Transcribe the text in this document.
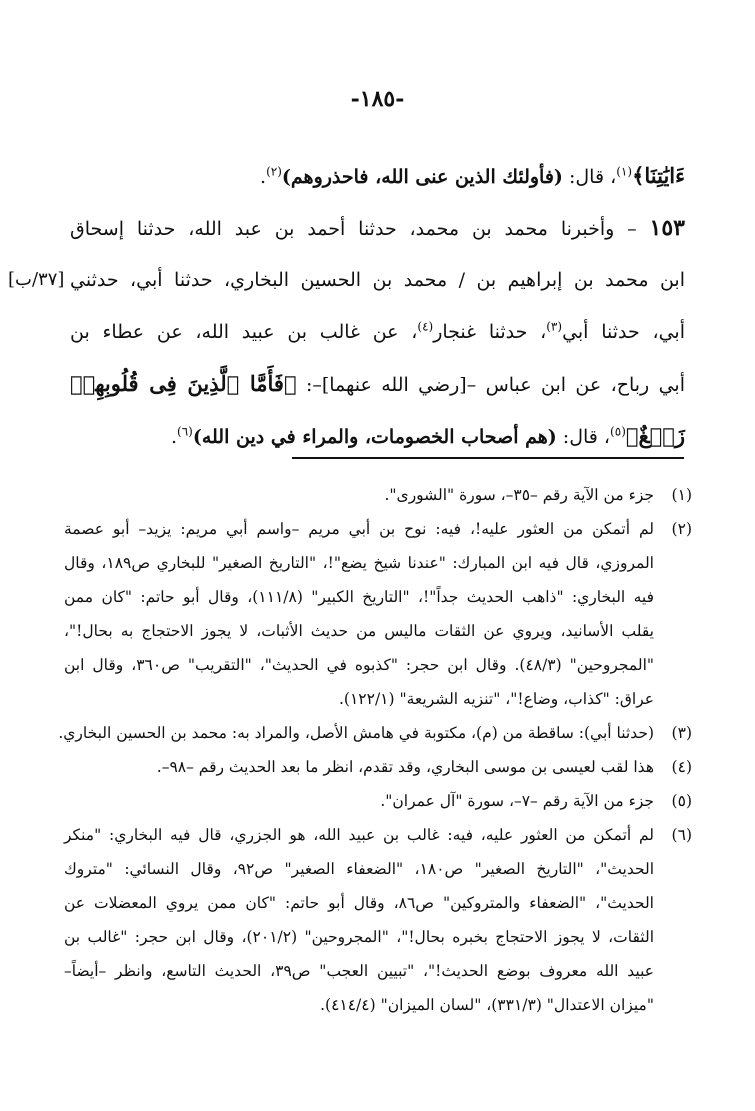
-١٨٥-
ءَايَٰتِنَا﴾$^{(١)}$، قال: (فأولئك الذين عنى الله، فاحذروهم)$^{(٢)}$.
١٥٣ – وأخبرنا محمد بن محمد، حدثنا أحمد بن عبد الله، حدثنا إسحاق
ابن محمد بن إبراهيم بن / محمد بن الحسين البخاري، حدثنا أبي، حدثني
[٣٧/ب]
أبي، حدثنا أبي$^{(٣)}$، حدثنا غنجار$^{(٤)}$، عن غالب بن عبيد الله، عن عطاء بن
أبي رباح، عن ابن عباس –[رضي الله عنهما]–: ﴿فَأَمَّا ٱلَّذِينَ فِى قُلُوبِهِمۡ
زَيۡغٌ﴾$^{(٥)}$، قال: (هم أصحاب الخصومات، والمراء في دين الله)$^{(٦)}$.
(١)
جزء من الآية رقم –٣٥–، سورة "الشورى".
(٢)
لم أتمكن من العثور عليه!، فيه: نوح بن أبي مريم –واسم أبي مريم: يزيد– أبو عصمة
المروزي، قال فيه ابن المبارك: "عندنا شيخ يضع"!، "التاريخ الصغير" للبخاري ص١٨٩، وقال
فيه البخاري: "ذاهب الحديث جداً"!، "التاريخ الكبير" (١١١/٨)، وقال أبو حاتم: "كان ممن
يقلب الأسانيد، ويروي عن الثقات ماليس من حديث الأثبات، لا يجوز الاحتجاج به بحال!"،
"المجروحين" (٤٨/٣). وقال ابن حجر: "كذبوه في الحديث"، "التقريب" ص٣٦٠، وقال ابن
عراق: "كذاب، وضاع!"، "تنزيه الشريعة" (١٢٢/١).
(٣)
(حدثنا أبي): ساقطة من (م)، مكتوبة في هامش الأصل، والمراد به: محمد بن الحسين البخاري.
(٤)
هذا لقب لعيسى بن موسى البخاري، وقد تقدم، انظر ما بعد الحديث رقم –٩٨–.
(٥)
جزء من الآية رقم –٧–، سورة "آل عمران".
(٦)
لم أتمكن من العثور عليه، فيه: غالب بن عبيد الله، هو الجزري، قال فيه البخاري: "منكر
الحديث"، "التاريخ الصغير" ص١٨٠، "الضعفاء الصغير" ص٩٢، وقال النسائي: "متروك
الحديث"، "الضعفاء والمتروكين" ص٨٦، وقال أبو حاتم: "كان ممن يروي المعضلات عن
الثقات، لا يجوز الاحتجاج بخبره بحال!"، "المجروحين" (٢٠١/٢)، وقال ابن حجر: "غالب بن
عبيد الله معروف بوضع الحديث!"، "تبيين العجب" ص٣٩، الحديث التاسع، وانظر –أيضاً–
"ميزان الاعتدال" (٣٣١/٣)، "لسان الميزان" (٤١٤/٤).
